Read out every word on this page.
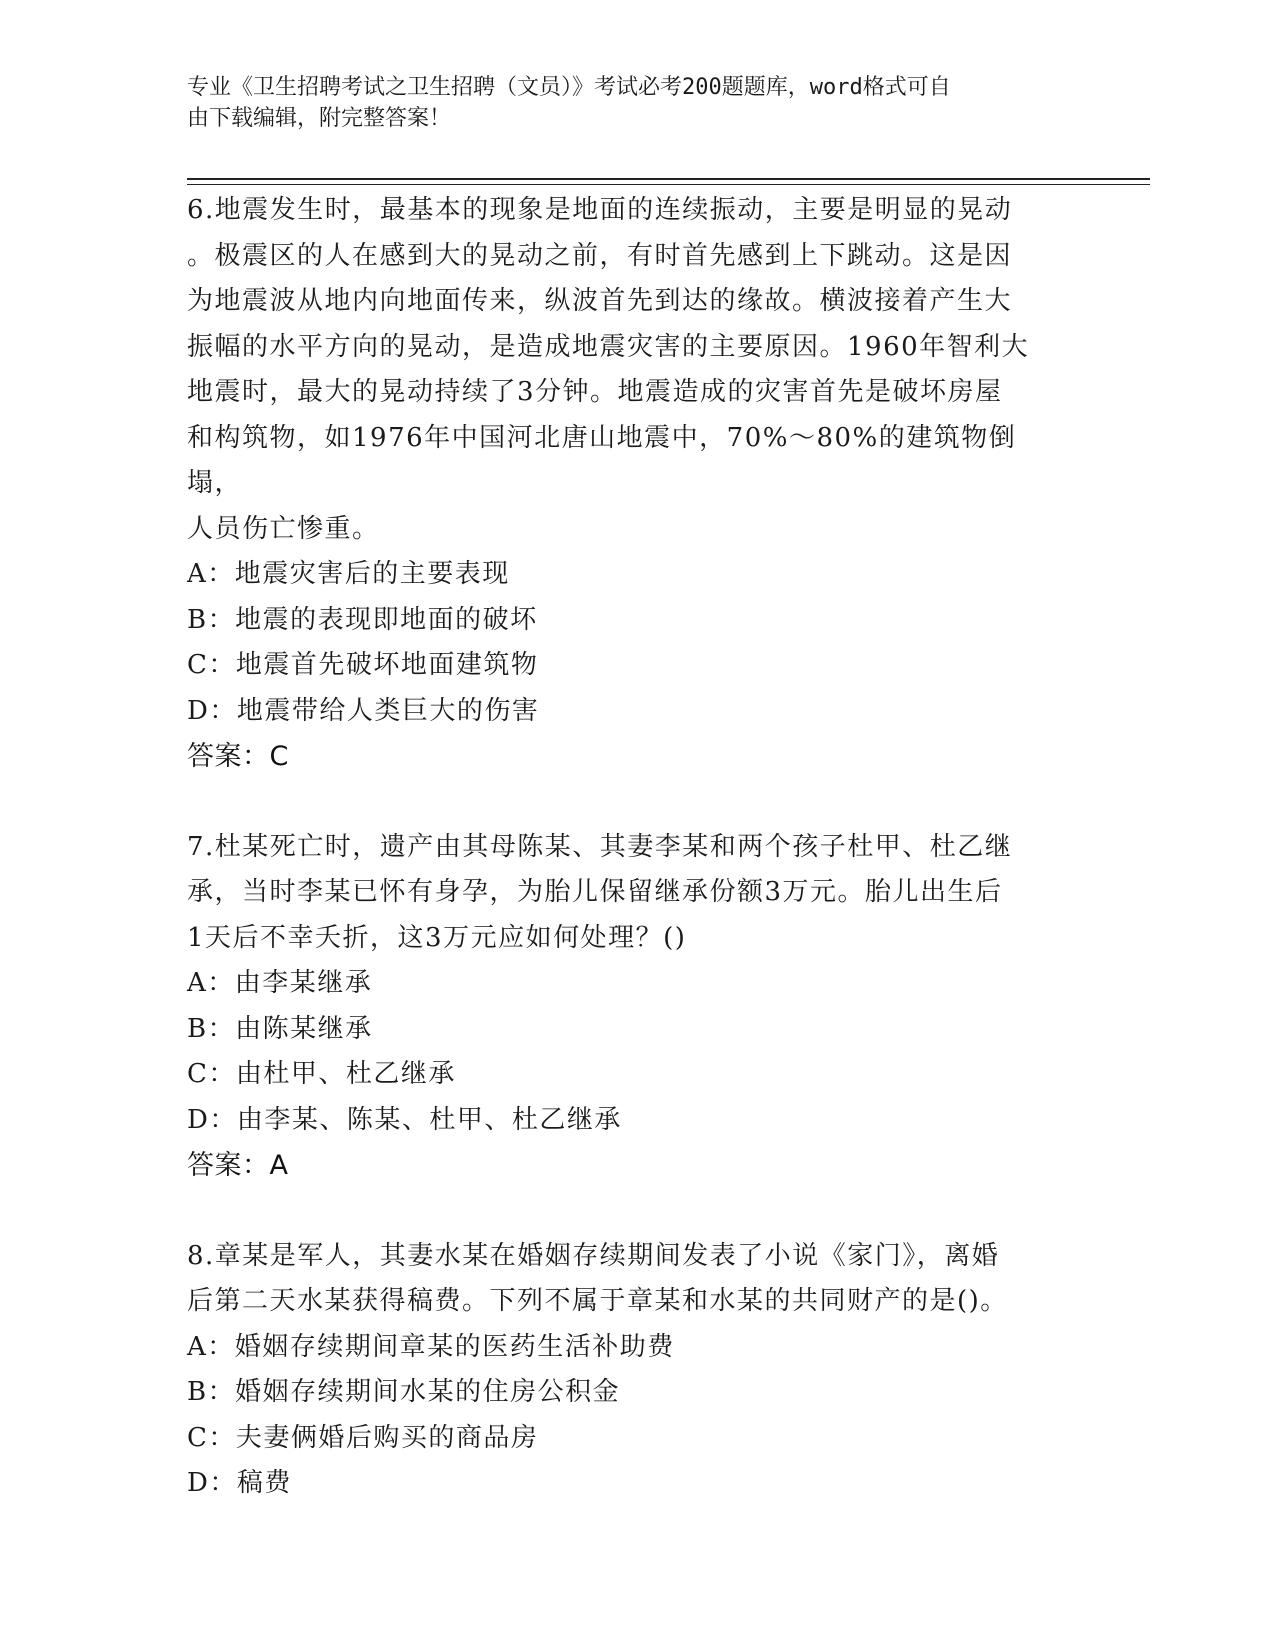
专业《卫生招聘考试之卫生招聘（文员）》考试必考200题题库，word格式可自
由下载编辑，附完整答案！
6.地震发生时，最基本的现象是地面的连续振动，主要是明显的晃动
。极震区的人在感到大的晃动之前，有时首先感到上下跳动。这是因
为地震波从地内向地面传来，纵波首先到达的缘故。横波接着产生大
振幅的水平方向的晃动，是造成地震灾害的主要原因。1960年智利大
地震时，最大的晃动持续了3分钟。地震造成的灾害首先是破坏房屋
和构筑物，如1976年中国河北唐山地震中，70%～80%的建筑物倒塌，
人员伤亡惨重。
A：地震灾害后的主要表现
B：地震的表现即地面的破坏
C：地震首先破坏地面建筑物
D：地震带给人类巨大的伤害
答案：C
7.杜某死亡时，遗产由其母陈某、其妻李某和两个孩子杜甲、杜乙继
承，当时李某已怀有身孕，为胎儿保留继承份额3万元。胎儿出生后
1天后不幸夭折，这3万元应如何处理？()
A：由李某继承
B：由陈某继承
C：由杜甲、杜乙继承
D：由李某、陈某、杜甲、杜乙继承
答案：A
8.章某是军人，其妻水某在婚姻存续期间发表了小说《家门》，离婚
后第二天水某获得稿费。下列不属于章某和水某的共同财产的是()。
A：婚姻存续期间章某的医药生活补助费
B：婚姻存续期间水某的住房公积金
C：夫妻俩婚后购买的商品房
D：稿费
